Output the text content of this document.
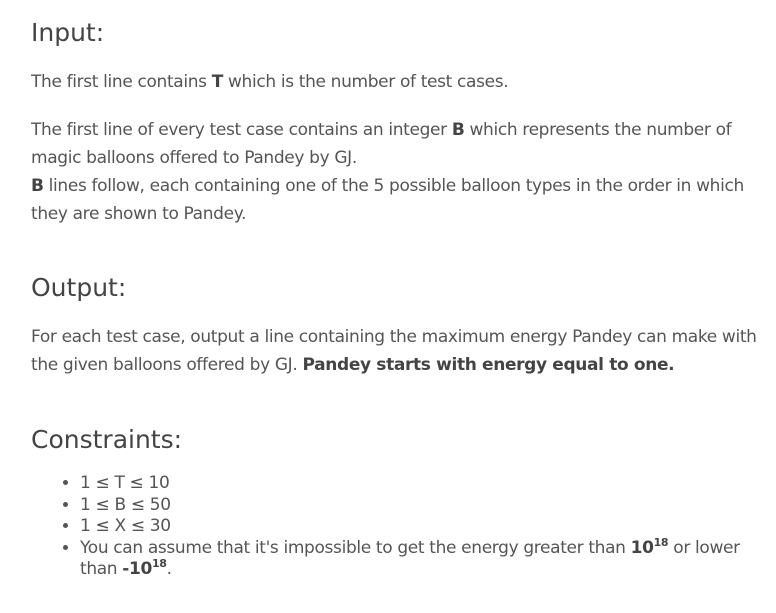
Input:

The first line contains T which is the number of test cases.

The first line of every test case contains an integer B which represents the number of magic balloons offered to Pandey by GJ.
B lines follow, each containing one of the 5 possible balloon types in the order in which they are shown to Pandey.

Output:

For each test case, output a line containing the maximum energy Pandey can make with the given balloons offered by GJ. Pandey starts with energy equal to one.

Constraints:
• 1 ≤ T ≤ 10
• 1 ≤ B ≤ 50
• 1 ≤ X ≤ 30
• You can assume that it's impossible to get the energy greater than $10^{18}$ or lower than $-10^{18}$.
